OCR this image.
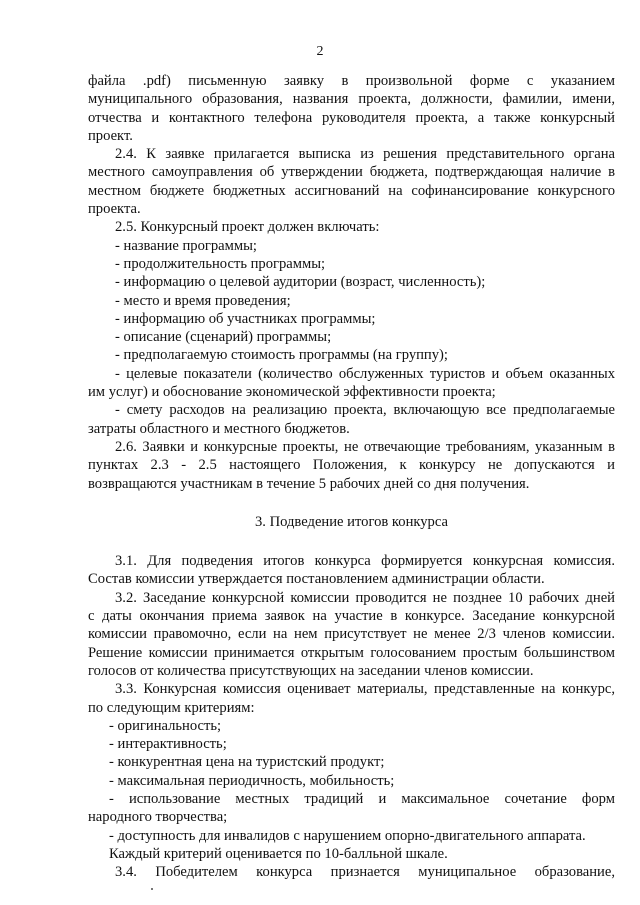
2

файла .pdf) письменную заявку в произвольной форме с указанием

муниципального образования, названия проекта, должности, фамилии, имени,

отчества и контактного телефона руководителя проекта, а также конкурсный

проект.

2.4. К заявке прилагается выписка из решения представительного органа

местного самоуправления об утверждении бюджета, подтверждающая наличие в

местном бюджете бюджетных ассигнований на софинансирование конкурсного

проекта.

2.5. Конкурсный проект должен включать:

- название программы;

- продолжительность программы;

- информацию о целевой аудитории (возраст, численность);

- место и время проведения;

- информацию об участниках программы;

- описание (сценарий) программы;

- предполагаемую стоимость программы (на группу);

- целевые показатели (количество обслуженных туристов и объем оказанных

им услуг) и обоснование экономической эффективности проекта;

- смету расходов на реализацию проекта, включающую все предполагаемые

затраты областного и местного бюджетов.

2.6. Заявки и конкурсные проекты, не отвечающие требованиям, указанным в

пунктах 2.3 - 2.5 настоящего Положения, к конкурсу не допускаются и

возвращаются участникам в течение 5 рабочих дней со дня получения.

3. Подведение итогов конкурса

3.1. Для подведения итогов конкурса формируется конкурсная комиссия.

Состав комиссии утверждается постановлением администрации области.

3.2. Заседание конкурсной комиссии проводится не позднее 10 рабочих дней

с даты окончания приема заявок на участие в конкурсе. Заседание конкурсной

комиссии правомочно, если на нем присутствует не менее 2/3 членов комиссии.

Решение комиссии принимается открытым голосованием простым большинством

голосов от количества присутствующих на заседании членов комиссии.

3.3. Конкурсная комиссия оценивает материалы, представленные на конкурс,

по следующим критериям:

- оригинальность;

- интерактивность;

- конкурентная цена на туристский продукт;

- максимальная периодичность, мобильность;

- использование местных традиций и максимальное сочетание форм

народного творчества;

- доступность для инвалидов с нарушением опорно-двигательного аппарата.

Каждый критерий оценивается по 10-балльной шкале.

3.4. Победителем конкурса признается муниципальное образование,
